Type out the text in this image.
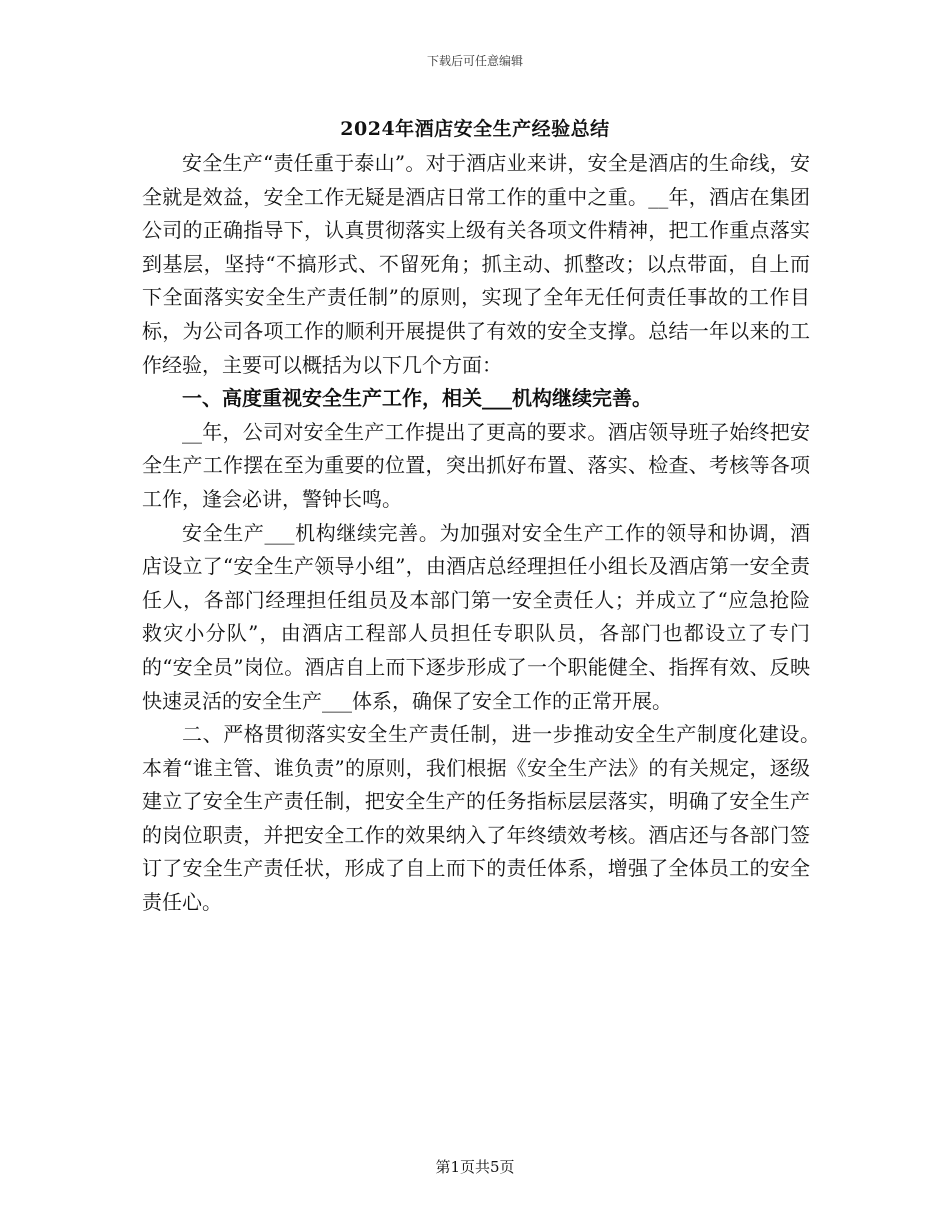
下载后可任意编辑
2024年酒店安全生产经验总结

安全生产“责任重于泰山”。对于酒店业来讲，安全是酒店的生命线，安全就是效益，安全工作无疑是酒店日常工作的重中之重。__年，酒店在集团公司的正确指导下，认真贯彻落实上级有关各项文件精神，把工作重点落实到基层，坚持“不搞形式、不留死角；抓主动、抓整改；以点带面，自上而下全面落实安全生产责任制”的原则，实现了全年无任何责任事故的工作目标，为公司各项工作的顺利开展提供了有效的安全支撑。总结一年以来的工作经验，主要可以概括为以下几个方面：

一、高度重视安全生产工作，相关___机构继续完善。

__年，公司对安全生产工作提出了更高的要求。酒店领导班子始终把安全生产工作摆在至为重要的位置，突出抓好布置、落实、检查、考核等各项工作，逢会必讲，警钟长鸣。

安全生产___机构继续完善。为加强对安全生产工作的领导和协调，酒店设立了“安全生产领导小组”，由酒店总经理担任小组长及酒店第一安全责任人，各部门经理担任组员及本部门第一安全责任人；并成立了“应急抢险救灾小分队”，由酒店工程部人员担任专职队员，各部门也都设立了专门的“安全员”岗位。酒店自上而下逐步形成了一个职能健全、指挥有效、反映快速灵活的安全生产___体系，确保了安全工作的正常开展。

二、严格贯彻落实安全生产责任制，进一步推动安全生产制度化建设。　本着“谁主管、谁负责”的原则，我们根据《安全生产法》的有关规定，逐级建立了安全生产责任制，把安全生产的任务指标层层落实，明确了安全生产的岗位职责，并把安全工作的效果纳入了年终绩效考核。酒店还与各部门签订了安全生产责任状，形成了自上而下的责任体系，增强了全体员工的安全责任心。

第1页共5页
